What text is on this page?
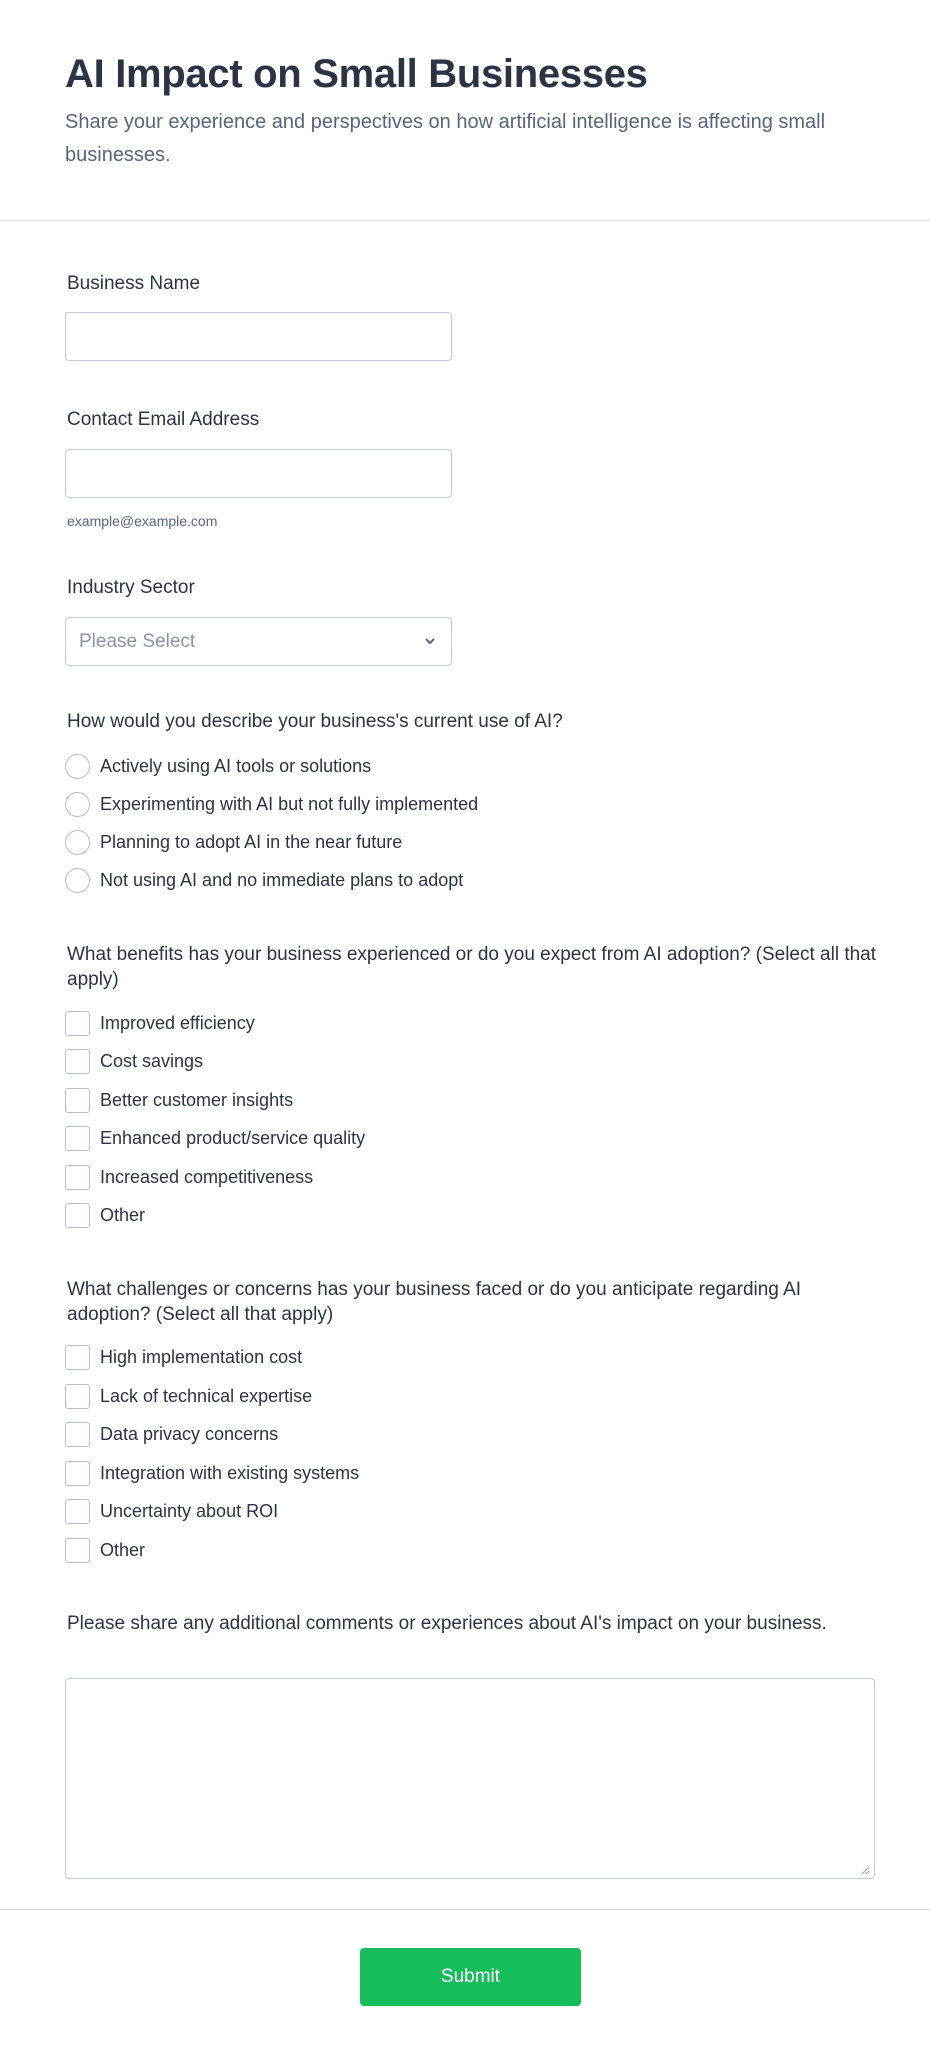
AI Impact on Small Businesses

Share your experience and perspectives on how artificial intelligence is affecting small businesses.

Business Name
Contact Email Address
example@example.com
Industry Sector
Please Select
How would you describe your business's current use of AI?
Actively using AI tools or solutions
Experimenting with AI but not fully implemented
Planning to adopt AI in the near future
Not using AI and no immediate plans to adopt
What benefits has your business experienced or do you expect from AI adoption? (Select all that apply)
Improved efficiency
Cost savings
Better customer insights
Enhanced product/service quality
Increased competitiveness
Other
What challenges or concerns has your business faced or do you anticipate regarding AI adoption? (Select all that apply)
High implementation cost
Lack of technical expertise
Data privacy concerns
Integration with existing systems
Uncertainty about ROI
Other
Please share any additional comments or experiences about AI's impact on your business.
Submit
